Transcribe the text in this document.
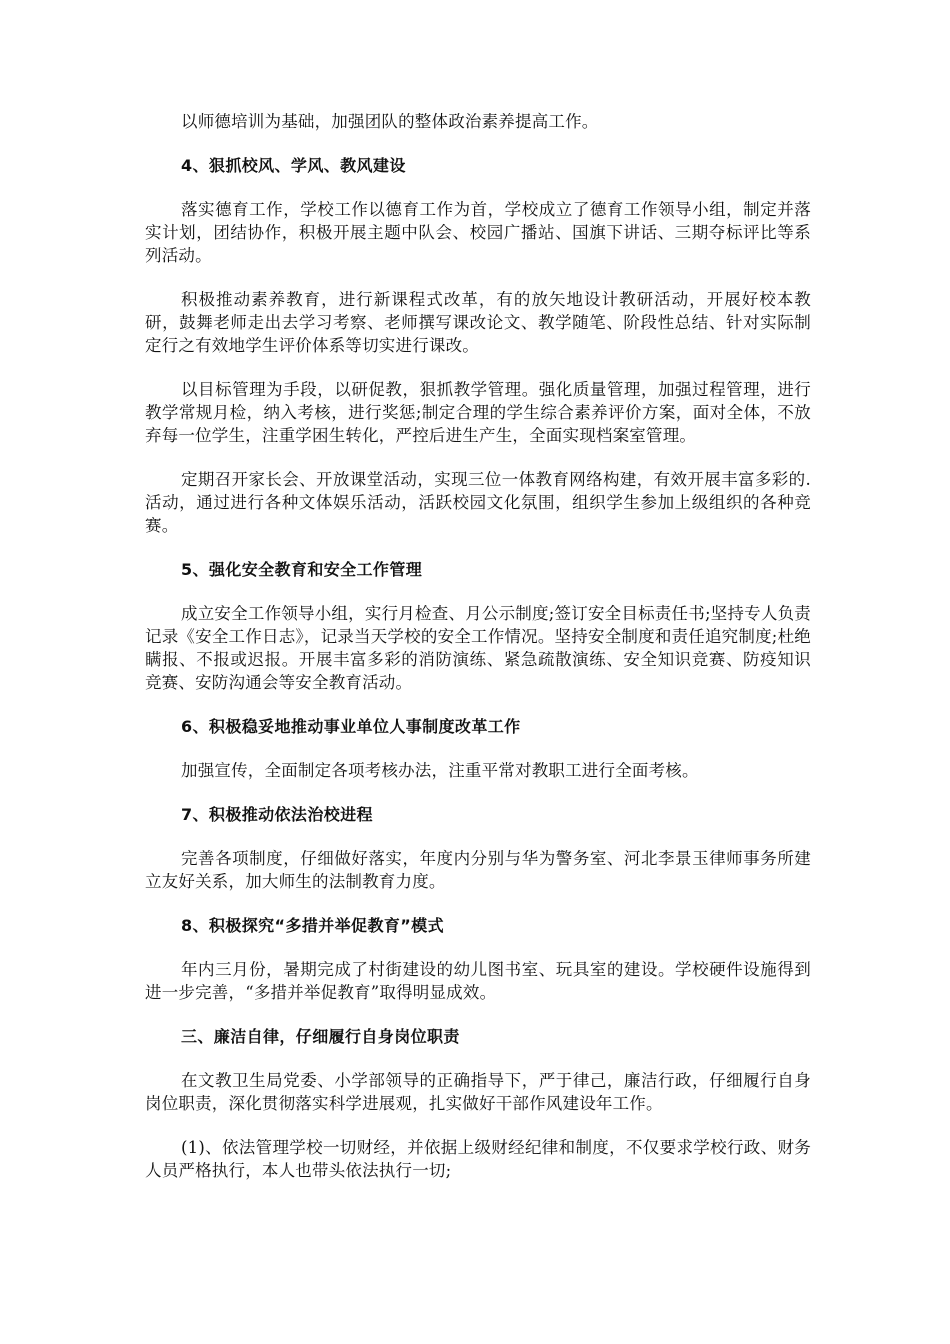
以师德培训为基础，加强团队的整体政治素养提高工作。

4、狠抓校风、学风、教风建设

落实德育工作，学校工作以德育工作为首，学校成立了德育工作领导小组，制定并落实计划，团结协作，积极开展主题中队会、校园广播站、国旗下讲话、三期夺标评比等系列活动。

积极推动素养教育，进行新课程式改革，有的放矢地设计教研活动，开展好校本教研，鼓舞老师走出去学习考察、老师撰写课改论文、教学随笔、阶段性总结、针对实际制定行之有效地学生评价体系等切实进行课改。

以目标管理为手段，以研促教，狠抓教学管理。强化质量管理，加强过程管理，进行教学常规月检，纳入考核，进行奖惩;制定合理的学生综合素养评价方案，面对全体，不放弃每一位学生，注重学困生转化，严控后进生产生，全面实现档案室管理。

定期召开家长会、开放课堂活动，实现三位一体教育网络构建，有效开展丰富多彩的.活动，通过进行各种文体娱乐活动，活跃校园文化氛围，组织学生参加上级组织的各种竞赛。

5、强化安全教育和安全工作管理

成立安全工作领导小组，实行月检查、月公示制度;签订安全目标责任书;坚持专人负责记录《安全工作日志》，记录当天学校的安全工作情况。坚持安全制度和责任追究制度;杜绝瞒报、不报或迟报。开展丰富多彩的消防演练、紧急疏散演练、安全知识竞赛、防疫知识竞赛、安防沟通会等安全教育活动。

6、积极稳妥地推动事业单位人事制度改革工作

加强宣传，全面制定各项考核办法，注重平常对教职工进行全面考核。

7、积极推动依法治校进程

完善各项制度，仔细做好落实，年度内分别与华为警务室、河北李景玉律师事务所建立友好关系，加大师生的法制教育力度。

8、积极探究“多措并举促教育”模式

年内三月份，暑期完成了村街建设的幼儿图书室、玩具室的建设。学校硬件设施得到进一步完善，“多措并举促教育”取得明显成效。

三、廉洁自律，仔细履行自身岗位职责

在文教卫生局党委、小学部领导的正确指导下，严于律己，廉洁行政，仔细履行自身岗位职责，深化贯彻落实科学进展观，扎实做好干部作风建设年工作。

(1)、依法管理学校一切财经，并依据上级财经纪律和制度，不仅要求学校行政、财务人员严格执行，本人也带头依法执行一切;
